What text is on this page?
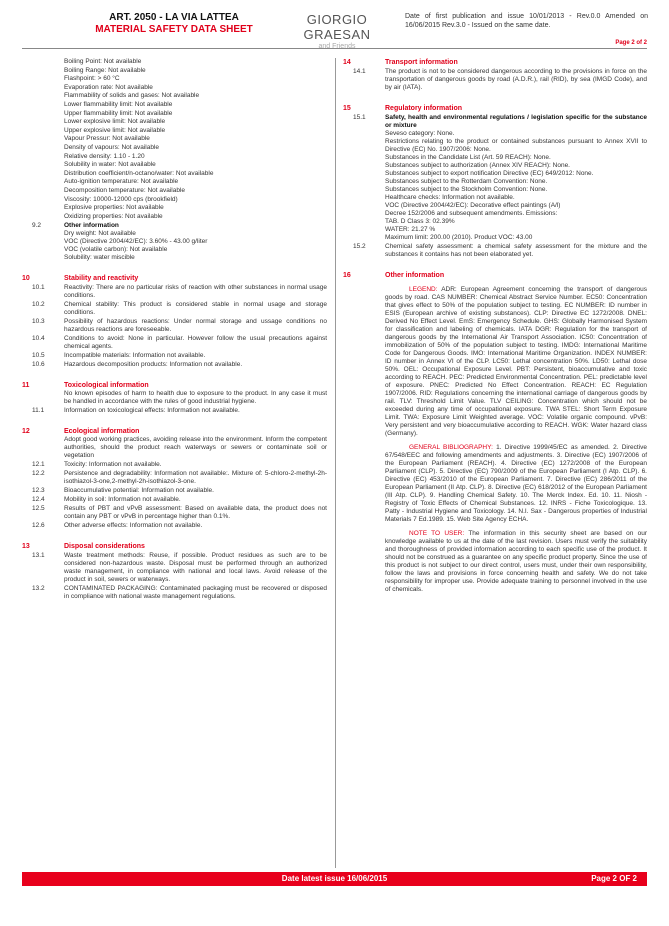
ART. 2050 - LA VIA LATTEA
MATERIAL SAFETY DATA SHEET
GIORGIO GRAESAN
and Friends
Date of first publication and issue 10/01/2013 - Rev.0.0 Amended on 16/06/2015 Rev.3.0 - Issued on the same date.
Page 2 of 2
Boiling Point: Not available
Boiling Range: Not available
Flashpoint: > 60 °C
Evaporation rate: Not available
Flammability of solids and gases: Not available
Lower flammability limit: Not available
Upper flammability limit: Not available
Lower explosive limit: Not available
Upper explosive limit: Not available
Vapour Pressur: Not available
Density of vapours: Not available
Relative density: 1.10 - 1.20
Solubility in water: Not available
Distribution coefficient/n-octano/water: Not available
Auto-ignition temperature: Not available
Decomposition temperature: Not available
Viscosity: 10000-12000 cps (brookfield)
Explosive properties: Not available
Oxidizing properties: Not available
9.2	Other information
Dry weight: Not available
VOC (Directive 2004/42/EC): 3.60% - 43.00 g/liter
VOC (volatile carbon): Not available
Solubility: water miscible
10	Stability and reactivity
10.1	Reactivity: There are no particular risks of reaction with other substances in normal usage conditions.
10.2	Chemical stability: This product is considered stable in normal usage and storage conditions.
10.3	Possibility of hazardous reactions: Under normal storage and ussage conditions no hazardous reactions are foreseeable.
10.4	Conditions to avoid: None in particular. However follow the usual precautions against chemical agents.
10.5	Incompatible materials: Information not available.
10.6	Hazardous decomposition products: Information not available.
11	Toxicological information
No known episodes of harm to health due to exposure to the product. In any case it must be handled in accordance with the rules of good industrial hygiene.
11.1	Information on toxicological effects: Information not available.
12	Ecological information
Adopt good working practices, avoiding release into the environment. Inform the competent authorities, should the product reach waterways or sewers or contaminate soil or vegetation
12.1	Toxicity: Information not available.
12.2	Persistence and degradability: Information not available:. Mixture of: 5-chloro-2-methyl-2h-isothiazol-3-one,2-methyl-2h-isothiazol-3-one.
12.3	Bioaccumulative potential: Information not available.
12.4	Mobility in soil: Information not available.
12.5	Results of PBT and vPvB assessment: Based on available data, the product does not contain any PBT or vPvB in percentage higher than 0.1%.
12.6	Other adverse effects: Information not available.
13	Disposal considerations
13.1	Waste treatment methods: Reuse, if possible. Product residues as such are to be considered non-hazardous waste. Disposal must be performed through an authorized waste management, in compliance with national and local laws. Avoid release of the product in soil, sewers or waterways.
13.2	CONTAMINATED PACKAGING: Contaminated packaging must be recovered or disposed in compliance with national waste management regulations.
14	Transport information
14.1	The product is not to be considered dangerous according to the provisions in force on the transportation of dangerous goods by road (A.D.R.), rail (RID), by sea (IMGD Code), and by air (IATA).
15	Regulatory information
15.1	Safety, health and environmental regulations / legislation specific for the substance or mixture
Seveso category: None.
Restrictions relating to the product or contained substances pursuant to Annex XVII to Directive (EC) No. 1907/2006: None.
Substances in the Candidate List (Art. 59 REACH): None.
Substances subject to authorization (Annex XIV REACH): None.
Substances subject to export notification Directive (EC) 649/2012: None.
Substances subject to the Rotterdam Convention: None.
Substances subject to the Stockholm Convention: None.
Healthcare checks: Information not available.
VOC (Directive 2004/42/EC): Decorative effect paintings (A/l)
Decree 152/2006 and subsequent amendments. Emissions:
TAB. D Class 3: 02.39%
WATER: 21.27 %
Maximum limit: 200.00 (2010). Product VOC: 43.00
15.2	Chemical safety assessment: a chemical safety assessment for the mixture and the substances it contains has not been elaborated yet.
16	Other information
LEGEND: ADR: European Agreement concerning the transport of dangerous goods by road. CAS NUMBER: Chemical Abstract Service Number. EC50: Concentration that gives effect to 50% of the population subject to testing. EC NUMBER: ID number in ESIS (European archive of existing substances). CLP: Directive EC 1272/2008. DNEL: Derived No Effect Level. EmS: Emergency Schedule. GHS: Globally Harmonised System for classification and labeling of chemicals. IATA DGR: Regulation for the transport of dangerous goods by the International Air Transport Association. IC50: Concentration of immobilization of 50% of the population subject to testing. IMDG: International Maritime Code for Dangerous Goods. IMO: International Maritime Organization. INDEX NUMBER: ID number in Annex VI of the CLP. LC50: Lethal concentration 50%. LD50: Lethal dose 50%. OEL: Occupational Exposure Level. PBT: Persistent, bioaccumulative and toxic according to REACH. PEC: Predicted Environmental Concentration. PEL: predictable level of exposure. PNEC: Predicted No Effect Concentration. REACH: EC Regulation 1907/2006. RID: Regulations concerning the international carriage of dangerous goods by rail. TLV: Threshold Limit Value. TLV CEILING: Concentration which should not be exceeded during any time of occupational exposure. TWA STEL: Short Term Exposure Limit. TWA: Exposure Limit Weighted average. VOC: Volatile organic compound. vPvB: Very persistent and very bioaccumulative according to REACH. WGK: Water hazard class (Germany).
GENERAL BIBLIOGRAPHY: 1. Directive 1999/45/EC as amended. 2. Directive 67/548/EEC and following amendments and adjustments. 3. Directive (EC) 1907/2006 of the European Parliament (REACH). 4. Directive (EC) 1272/2008 of the European Parliament (CLP). 5. Directive (EC) 790/2009 of the European Parliament (I Atp. CLP). 6. Directive (EC) 453/2010 of the European Parliament. 7. Directive (EC) 286/2011 of the European Parliament (II Atp. CLP). 8. Directive (EC) 618/2012 of the European Parliament (III Atp. CLP). 9. Handling Chemical Safety. 10. The Merck Index. Ed. 10. 11. Niosh - Registry of Toxic Effects of Chemical Substances. 12. INRS - Fiche Toxicologique. 13. Patty - Industrial Hygiene and Toxicology. 14. N.I. Sax - Dangerous properties of Industrial Materials 7 Ed.1989. 15. Web Site Agency ECHA.
NOTE TO USER: The information in this security sheet are based on our knowledge available to us at the date of the last revision. Users must verify the suitability and thoroughness of provided information according to each specific use of the product. It should not be construed as a guarantee on any specific product property. Since the use of this product is not subject to our direct control, users must, under their own responsibility, follow the laws and provisions in force concerning health and safety. We do not take responsibility for improper use. Provide adequate training to personnel involved in the use of chemicals.
Date latest issue 16/06/2015	Page 2 OF 2
